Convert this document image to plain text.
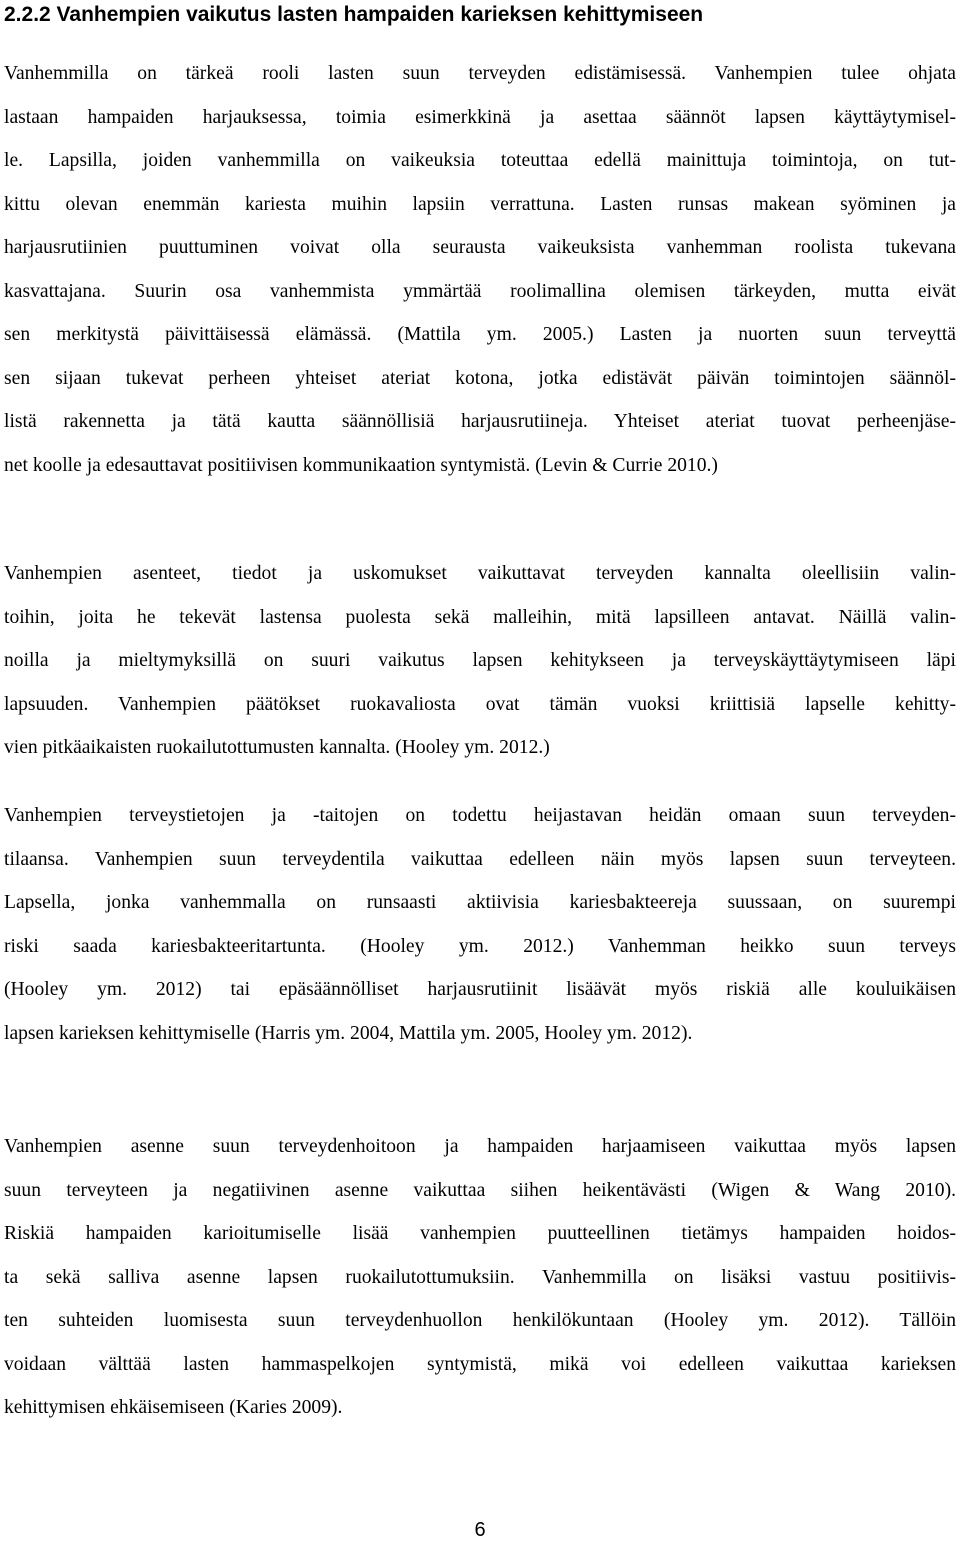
2.2.2 Vanhempien vaikutus lasten hampaiden karieksen kehittymiseen
Vanhemmilla on tärkeä rooli lasten suun terveyden edistämisessä. Vanhempien tulee ohjata
lastaan hampaiden harjauksessa, toimia esimerkkinä ja asettaa säännöt lapsen käyttäytymisel-
le. Lapsilla, joiden vanhemmilla on vaikeuksia toteuttaa edellä mainittuja toimintoja, on tut-
kittu olevan enemmän kariesta muihin lapsiin verrattuna. Lasten runsas makean syöminen ja
harjausrutiinien puuttuminen voivat olla seurausta vaikeuksista vanhemman roolista tukevana
kasvattajana. Suurin osa vanhemmista ymmärtää roolimallina olemisen tärkeyden, mutta eivät
sen merkitystä päivittäisessä elämässä. (Mattila ym. 2005.) Lasten ja nuorten suun terveyttä
sen sijaan tukevat perheen yhteiset ateriat kotona, jotka edistävät päivän toimintojen säännöl-
listä rakennetta ja tätä kautta säännöllisiä harjausrutiineja. Yhteiset ateriat tuovat perheenjäse-
net koolle ja edesauttavat positiivisen kommunikaation syntymistä. (Levin & Currie 2010.)
Vanhempien asenteet, tiedot ja uskomukset vaikuttavat terveyden kannalta oleellisiin valin-
toihin, joita he tekevät lastensa puolesta sekä malleihin, mitä lapsilleen antavat. Näillä valin-
noilla ja mieltymyksillä on suuri vaikutus lapsen kehitykseen ja terveyskäyttäytymiseen läpi
lapsuuden. Vanhempien päätökset ruokavaliosta ovat tämän vuoksi kriittisiä lapselle kehitty-
vien pitkäaikaisten ruokailutottumusten kannalta. (Hooley ym. 2012.)
Vanhempien terveystietojen ja -taitojen on todettu heijastavan heidän omaan suun terveyden-
tilaansa. Vanhempien suun terveydentila vaikuttaa edelleen näin myös lapsen suun terveyteen.
Lapsella, jonka vanhemmalla on runsaasti aktiivisia kariesbakteereja suussaan, on suurempi
riski saada kariesbakteeritartunta. (Hooley ym. 2012.) Vanhemman heikko suun terveys
(Hooley ym. 2012) tai epäsäännölliset harjausrutiinit lisäävät myös riskiä alle kouluikäisen
lapsen karieksen kehittymiselle (Harris ym. 2004, Mattila ym. 2005, Hooley ym. 2012).
Vanhempien asenne suun terveydenhoitoon ja hampaiden harjaamiseen vaikuttaa myös lapsen
suun terveyteen ja negatiivinen asenne vaikuttaa siihen heikentävästi (Wigen & Wang 2010).
Riskiä hampaiden karioitumiselle lisää vanhempien puutteellinen tietämys hampaiden hoidos-
ta sekä salliva asenne lapsen ruokailutottumuksiin. Vanhemmilla on lisäksi vastuu positiivis-
ten suhteiden luomisesta suun terveydenhuollon henkilökuntaan (Hooley ym. 2012). Tällöin
voidaan välttää lasten hammaspelkojen syntymistä, mikä voi edelleen vaikuttaa karieksen
kehittymisen ehkäisemiseen (Karies 2009).
6
